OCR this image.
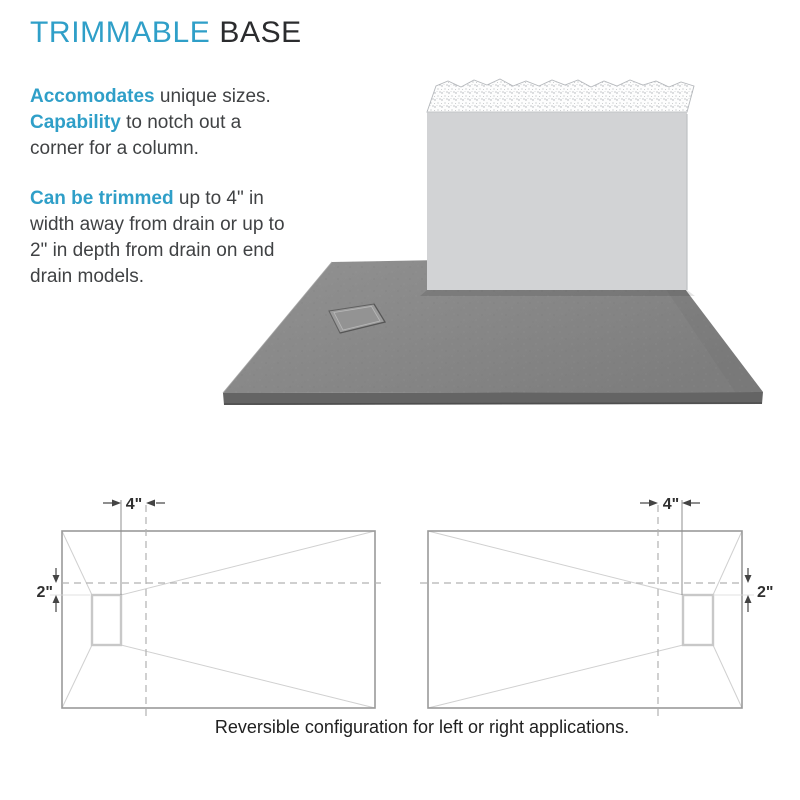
TRIMMABLE BASE

Accomodates unique sizes. Capability to notch out a corner for a column.

Can be trimmed up to 4" in width away from drain or up to 2" in depth from drain on end drain models.

4"
2"
4"
2"
Reversible configuration for left or right applications.
